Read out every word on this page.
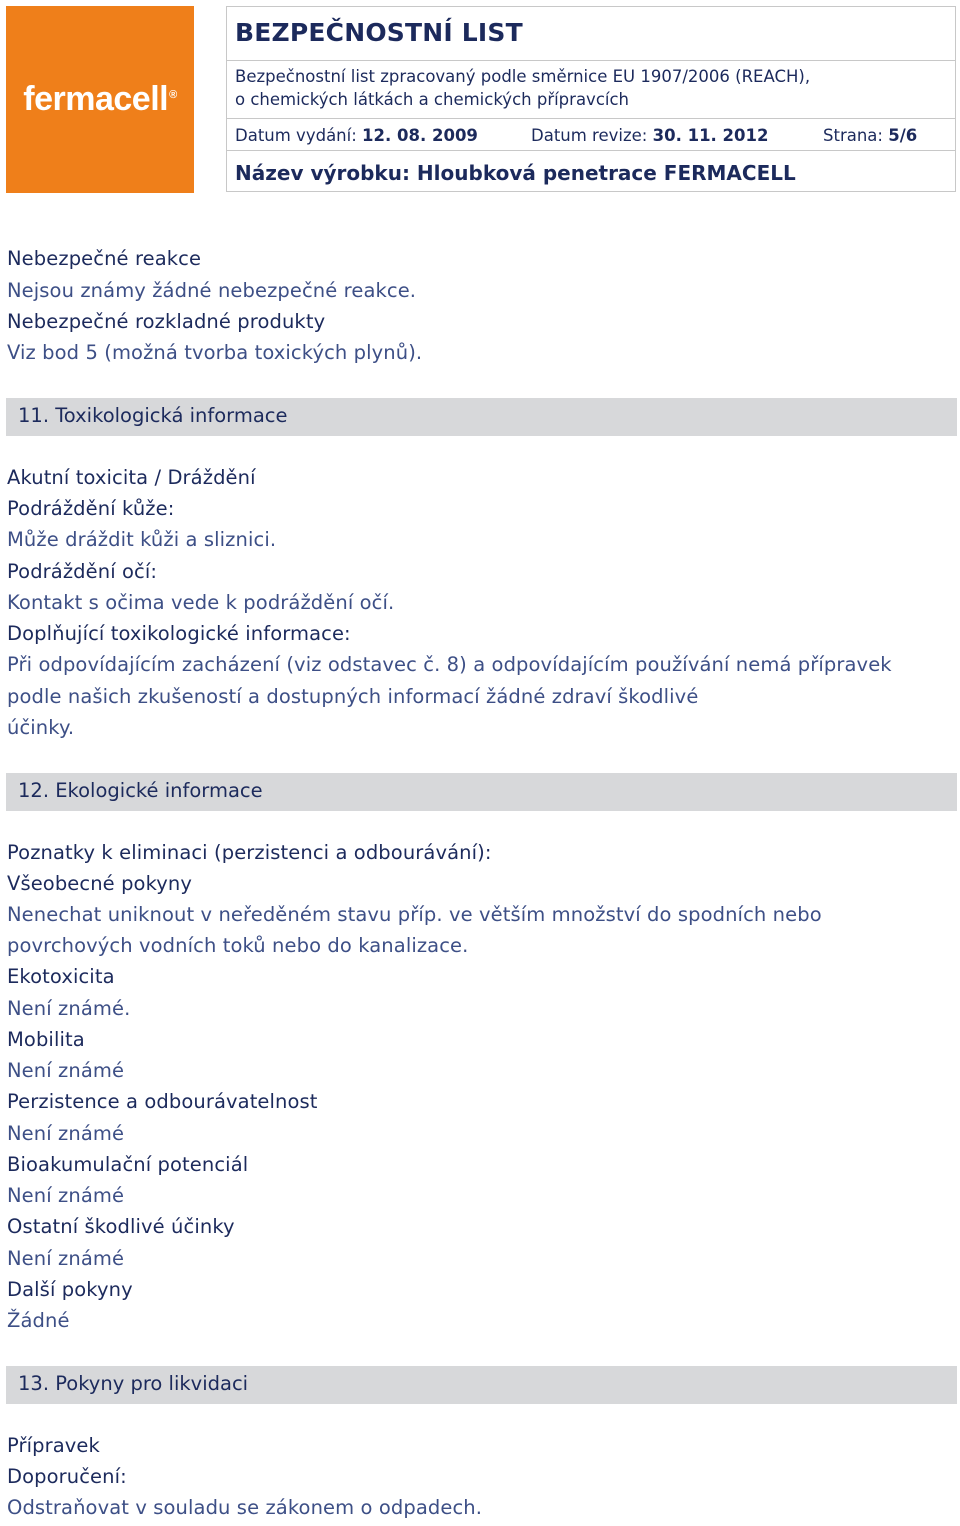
fermacell®
BEZPEČNOSTNÍ LIST
Bezpečnostní list zpracovaný podle směrnice EU 1907/2006 (REACH),
o chemických látkách a chemických přípravcích
Datum vydání: 12. 08. 2009	Datum revize: 30. 11. 2012	Strana: 5/6
Název výrobku: Hloubková penetrace FERMACELL
Nebezpečné reakce
Nejsou známy žádné nebezpečné reakce.
Nebezpečné rozkladné produkty
Viz bod 5 (možná tvorba toxických plynů).
11. Toxikologická informace
Akutní toxicita / Dráždění
Podráždění kůže:
Může dráždit kůži a sliznici.
Podráždění očí:
Kontakt s očima vede k podráždění očí.
Doplňující toxikologické informace:
Při odpovídajícím zacházení (viz odstavec č. 8) a odpovídajícím používání nemá přípravek
podle našich zkušeností a dostupných informací žádné zdraví škodlivé
účinky.
12. Ekologické informace
Poznatky k eliminaci (perzistenci a odbourávání):
Všeobecné pokyny
Nenechat uniknout v neředěném stavu příp. ve větším množství do spodních nebo
povrchových vodních toků nebo do kanalizace.
Ekotoxicita
Není známé.
Mobilita
Není známé
Perzistence a odbourávatelnost
Není známé
Bioakumulační potenciál
Není známé
Ostatní škodlivé účinky
Není známé
Další pokyny
Žádné
13. Pokyny pro likvidaci
Přípravek
Doporučení:
Odstraňovat v souladu se zákonem o odpadech.
